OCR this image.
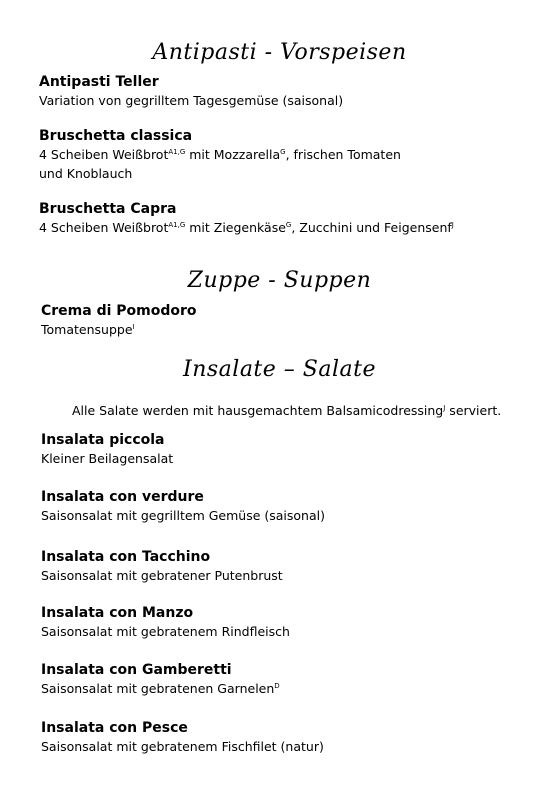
Antipasti - Vorspeisen
Antipasti Teller
Variation von gegrilltem Tagesgemüse (saisonal)
Bruschetta classica
4 Scheiben Weißbrot$^{A1,G}$ mit Mozzarella$^G$, frischen Tomaten
und Knoblauch
Bruschetta Capra
4 Scheiben Weißbrot$^{A1,G}$ mit Ziegenkäse$^G$, Zucchini und Feigensenf$^J$
Zuppe - Suppen
Crema di Pomodoro
Tomatensuppe$^I$
Insalate – Salate
Alle Salate werden mit hausgemachtem Balsamicodressing$^J$ serviert.
Insalata piccola
Kleiner Beilagensalat
Insalata con verdure
Saisonsalat mit gegrilltem Gemüse (saisonal)
Insalata con Tacchino
Saisonsalat mit gebratener Putenbrust
Insalata con Manzo
Saisonsalat mit gebratenem Rindfleisch
Insalata con Gamberetti
Saisonsalat mit gebratenen Garnelen$^D$
Insalata con Pesce
Saisonsalat mit gebratenem Fischfilet (natur)
